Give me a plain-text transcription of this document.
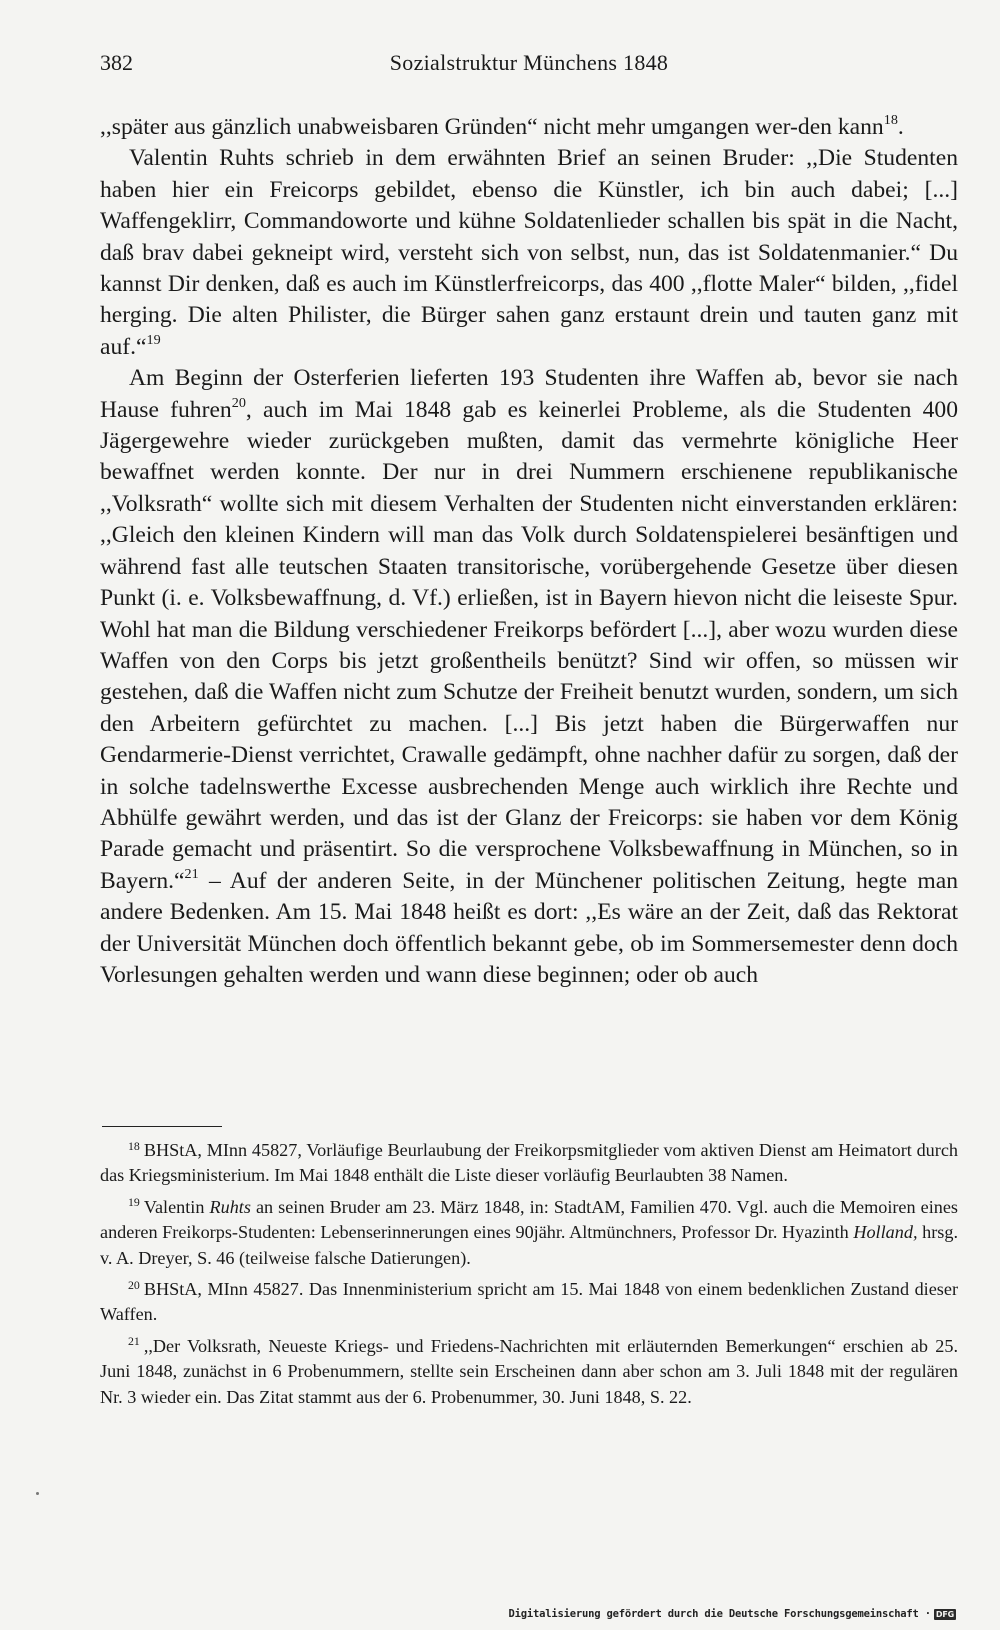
382	Sozialstruktur Münchens 1848

,,später aus gänzlich unabweisbaren Gründen“ nicht mehr umgangen wer-den kann$^{18}$.

Valentin Ruhts schrieb in dem erwähnten Brief an seinen Bruder: ,,Die Studenten haben hier ein Freicorps gebildet, ebenso die Künstler, ich bin auch dabei; [...] Waffengeklirr, Commandoworte und kühne Soldatenlieder schallen bis spät in die Nacht, daß brav dabei gekneipt wird, versteht sich von selbst, nun, das ist Soldatenmanier.“ Du kannst Dir denken, daß es auch im Künstlerfreicorps, das 400 ,,flotte Maler“ bilden, ,,fidel herging. Die alten Philister, die Bürger sahen ganz erstaunt drein und tauten ganz mit auf.“$^{19}$

Am Beginn der Osterferien lieferten 193 Studenten ihre Waffen ab, bevor sie nach Hause fuhren$^{20}$, auch im Mai 1848 gab es keinerlei Probleme, als die Studenten 400 Jägergewehre wieder zurückgeben mußten, damit das vermehrte königliche Heer bewaffnet werden konnte. Der nur in drei Nummern erschienene republikanische ,,Volksrath“ wollte sich mit diesem Verhalten der Studenten nicht einverstanden erklären: ,,Gleich den kleinen Kindern will man das Volk durch Soldatenspielerei besänftigen und während fast alle teutschen Staaten transitorische, vorübergehende Gesetze über diesen Punkt (i. e. Volksbewaffnung, d. Vf.) erließen, ist in Bayern hievon nicht die leiseste Spur. Wohl hat man die Bildung verschiedener Freikorps befördert [...], aber wozu wurden diese Waffen von den Corps bis jetzt großentheils benützt? Sind wir offen, so müssen wir gestehen, daß die Waffen nicht zum Schutze der Freiheit benutzt wurden, sondern, um sich den Arbeitern gefürchtet zu machen. [...] Bis jetzt haben die Bürgerwaffen nur Gendarmerie-Dienst verrichtet, Crawalle gedämpft, ohne nachher dafür zu sorgen, daß der in solche tadelnswerthe Excesse ausbrechenden Menge auch wirklich ihre Rechte und Abhülfe gewährt werden, und das ist der Glanz der Freicorps: sie haben vor dem König Parade gemacht und präsentirt. So die versprochene Volksbewaffnung in München, so in Bayern.“$^{21}$ – Auf der anderen Seite, in der Münchener politischen Zeitung, hegte man andere Bedenken. Am 15. Mai 1848 heißt es dort: ,,Es wäre an der Zeit, daß das Rektorat der Universität München doch öffentlich bekannt gebe, ob im Sommersemester denn doch Vorlesungen gehalten werden und wann diese beginnen; oder ob auch

$^{18}$ BHStA, MInn 45827, Vorläufige Beurlaubung der Freikorpsmitglieder vom aktiven Dienst am Heimatort durch das Kriegsministerium. Im Mai 1848 enthält die Liste dieser vorläufig Beurlaubten 38 Namen.

$^{19}$ Valentin Ruhts an seinen Bruder am 23. März 1848, in: StadtAM, Familien 470. Vgl. auch die Memoiren eines anderen Freikorps-Studenten: Lebenserinnerungen eines 90jähr. Altmünchners, Professor Dr. Hyazinth Holland, hrsg. v. A. Dreyer, S. 46 (teilweise falsche Datierungen).

$^{20}$ BHStA, MInn 45827. Das Innenministerium spricht am 15. Mai 1848 von einem bedenklichen Zustand dieser Waffen.

$^{21}$ ,,Der Volksrath, Neueste Kriegs- und Friedens-Nachrichten mit erläuternden Bemerkungen“ erschien ab 25. Juni 1848, zunächst in 6 Probenummern, stellte sein Erscheinen dann aber schon am 3. Juli 1848 mit der regulären Nr. 3 wieder ein. Das Zitat stammt aus der 6. Probenummer, 30. Juni 1848, S. 22.

Digitalisierung gefördert durch die Deutsche Forschungsgemeinschaft · DFG
